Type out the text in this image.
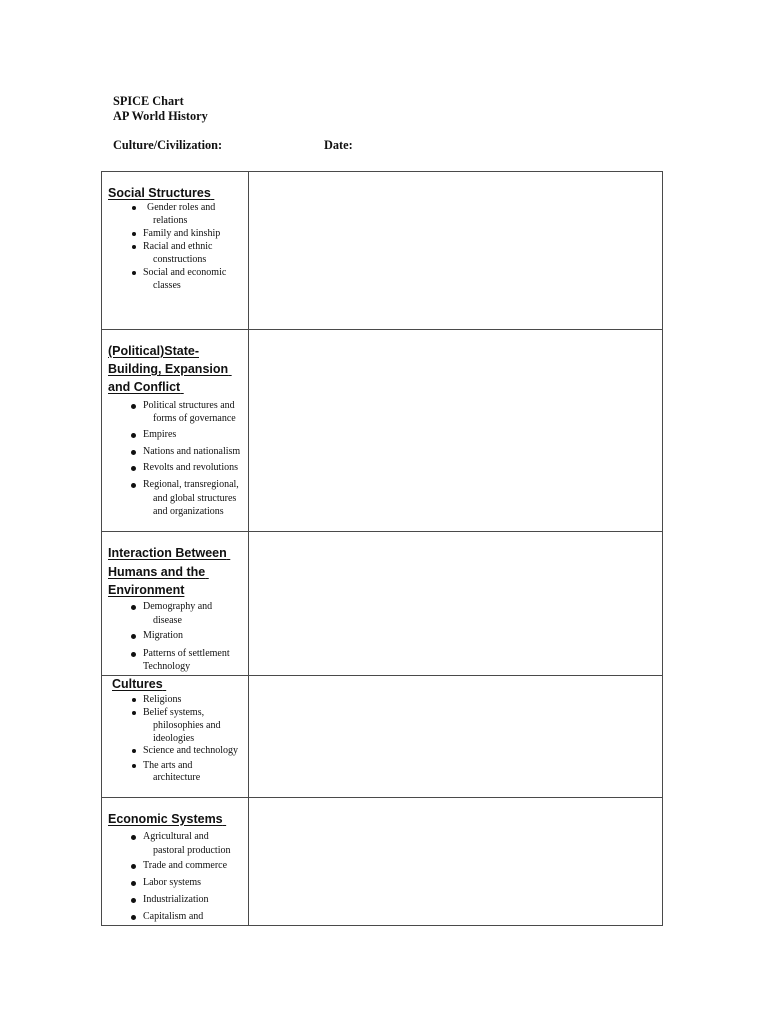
SPICE Chart
AP World History
Culture/Civilization:	Date:
Social Structures
Gender roles and
relations
Family and kinship
Racial and ethnic
constructions
Social and economic
classes
(Political)State-
Building, Expansion
and Conflict
Political structures and
forms of governance
Empires
Nations and nationalism
Revolts and revolutions
Regional, transregional,
and global structures
and organizations
Interaction Between
Humans and the
Environment
Demography and
disease
Migration
Patterns of settlement
Technology
Cultures
Religions
Belief systems,
philosophies and
ideologies
Science and technology
The arts and
architecture
Economic Systems
Agricultural and
pastoral production
Trade and commerce
Labor systems
Industrialization
Capitalism and
